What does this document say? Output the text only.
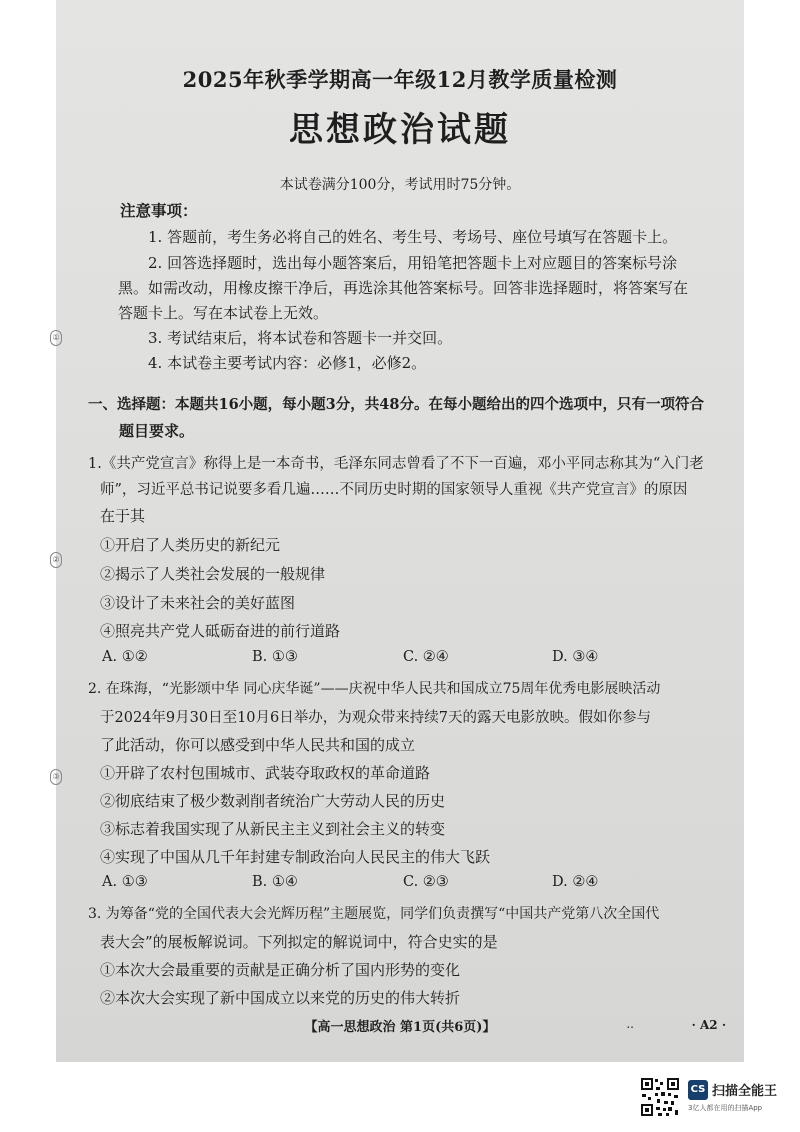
2025年秋季学期高一年级12月教学质量检测
思想政治试题
本试卷满分100分，考试用时75分钟。
注意事项：
1. 答题前，考生务必将自己的姓名、考生号、考场号、座位号填写在答题卡上。
2. 回答选择题时，选出每小题答案后，用铅笔把答题卡上对应题目的答案标号涂
黑。如需改动，用橡皮擦干净后，再选涂其他答案标号。回答非选择题时，将答案写在
答题卡上。写在本试卷上无效。
3. 考试结束后，将本试卷和答题卡一并交回。
4. 本试卷主要考试内容：必修1，必修2。
一、选择题：本题共16小题，每小题3分，共48分。在每小题给出的四个选项中，只有一项符合
题目要求。
1.《共产党宣言》称得上是一本奇书，毛泽东同志曾看了不下一百遍，邓小平同志称其为“入门老
师”，习近平总书记说要多看几遍……不同历史时期的国家领导人重视《共产党宣言》的原因
在于其
①开启了人类历史的新纪元
②揭示了人类社会发展的一般规律
③设计了未来社会的美好蓝图
④照亮共产党人砥砺奋进的前行道路
A. ①②	B. ①③	C. ②④	D. ③④
2. 在珠海，“光影颂中华 同心庆华诞”——庆祝中华人民共和国成立75周年优秀电影展映活动
于2024年9月30日至10月6日举办，为观众带来持续7天的露天电影放映。假如你参与
了此活动，你可以感受到中华人民共和国的成立
①开辟了农村包围城市、武装夺取政权的革命道路
②彻底结束了极少数剥削者统治广大劳动人民的历史
③标志着我国实现了从新民主主义到社会主义的转变
④实现了中国从几千年封建专制政治向人民民主的伟大飞跃
A. ①③	B. ①④	C. ②③	D. ②④
3. 为筹备“党的全国代表大会光辉历程”主题展览，同学们负责撰写“中国共产党第八次全国代
表大会”的展板解说词。下列拟定的解说词中，符合史实的是
①本次大会最重要的贡献是正确分析了国内形势的变化
②本次大会实现了新中国成立以来党的历史的伟大转折
【高一思想政治 第1页(共6页)】	..	· A2 ·
①
②
③
CS 扫描全能王
3亿人都在用的扫描App
